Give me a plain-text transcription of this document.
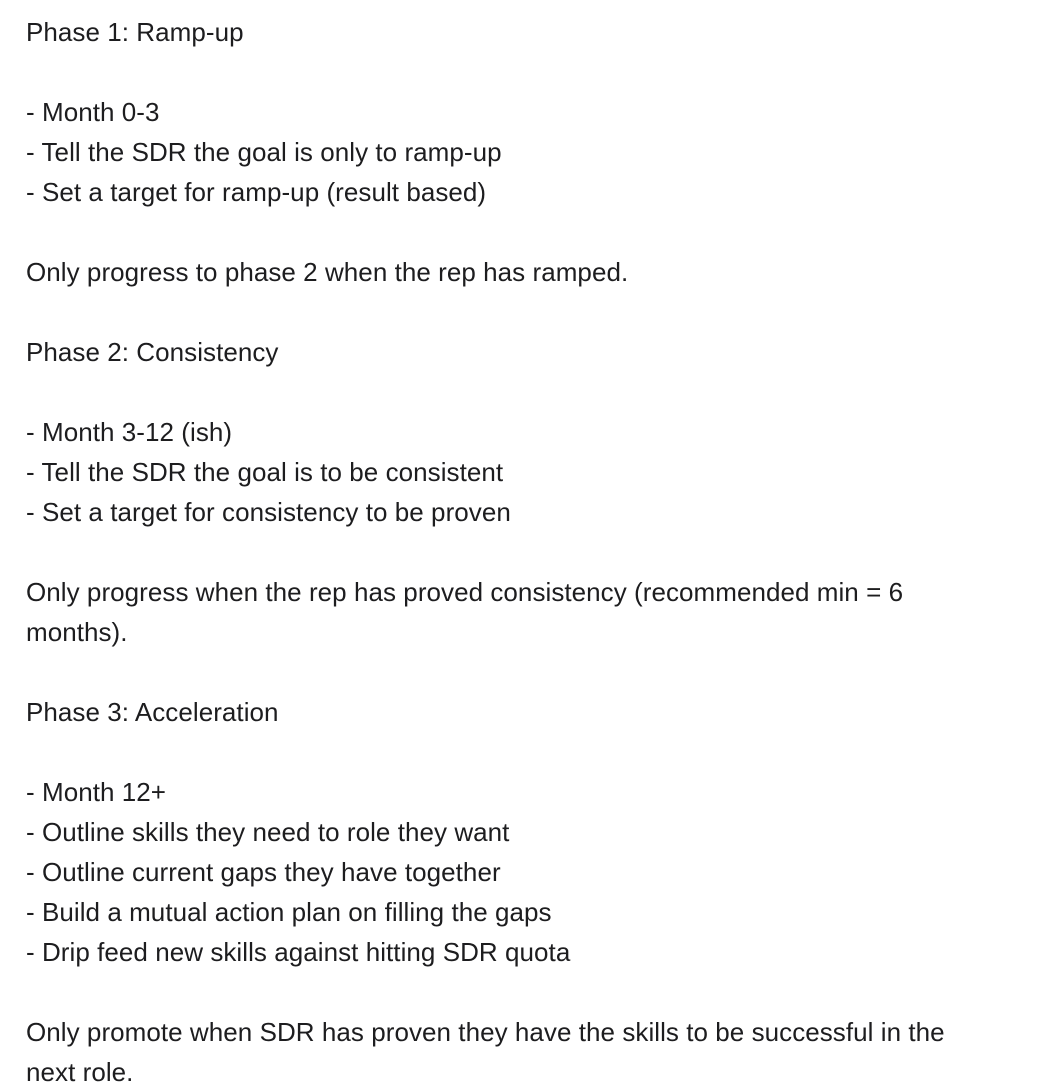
Phase 1: Ramp-up
- Month 0-3
- Tell the SDR the goal is only to ramp-up
- Set a target for ramp-up (result based)
Only progress to phase 2 when the rep has ramped.
Phase 2: Consistency
- Month 3-12 (ish)
- Tell the SDR the goal is to be consistent
- Set a target for consistency to be proven
Only progress when the rep has proved consistency (recommended min = 6
months).
Phase 3: Acceleration
- Month 12+
- Outline skills they need to role they want
- Outline current gaps they have together
- Build a mutual action plan on filling the gaps
- Drip feed new skills against hitting SDR quota
Only promote when SDR has proven they have the skills to be successful in the
next role.
